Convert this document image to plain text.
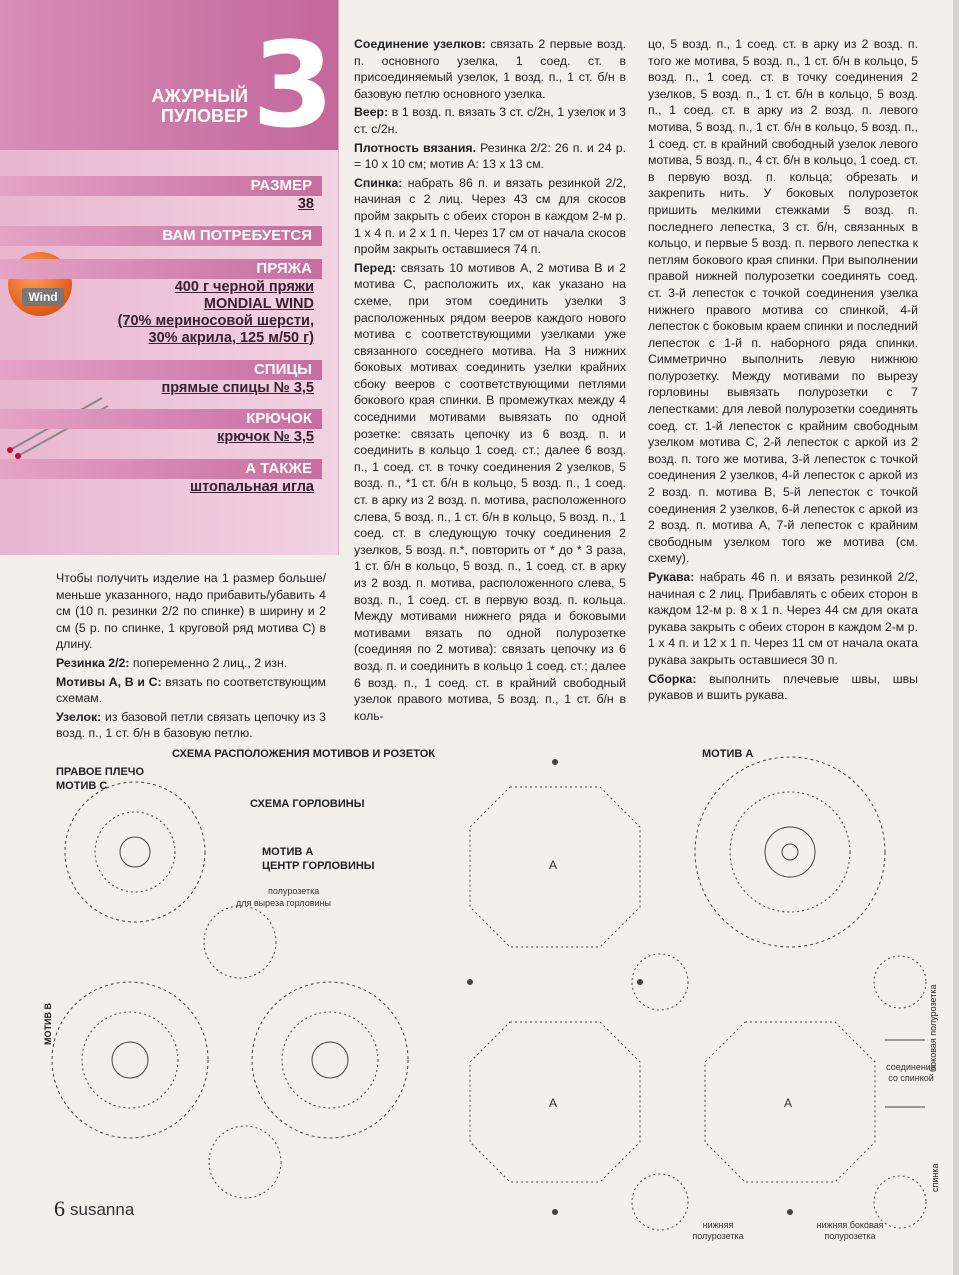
АЖУРНЫЙ
ПУЛОВЕР 3
РАЗМЕР
38
ВАМ ПОТРЕБУЕТСЯ
Wind
ПРЯЖА
400 г черной пряжи
MONDIAL WIND
(70% мериносовой шерсти,
30% акрила, 125 м/50 г)
СПИЦЫ
прямые спицы № 3,5
КРЮЧОК
крючок № 3,5
А ТАКЖЕ
штопальная игла

Чтобы получить изделие на 1 размер больше/меньше указанного, надо прибавить/убавить 4 см (10 п. резинки 2/2 по спинке) в ширину и 2 см (5 р. по спинке, 1 круговой ряд мотива С) в длину.

Резинка 2/2: попеременно 2 лиц., 2 изн.

Мотивы А, В и С: вязать по соответствующим схемам.

Узелок: из базовой петли связать цепочку из 3 возд. п., 1 ст. б/н в базовую петлю.

Соединение узелков: связать 2 первые возд. п. основного узелка, 1 соед. ст. в присоединяемый узелок, 1 возд. п., 1 ст. б/н в базовую петлю основного узелка.

Веер: в 1 возд. п. вязать 3 ст. с/2н, 1 узелок и 3 ст. с/2н.

Плотность вязания. Резинка 2/2: 26 п. и 24 р. = 10 х 10 см; мотив А: 13 х 13 см.

Спинка: набрать 86 п. и вязать резинкой 2/2, начиная с 2 лиц. Через 43 см для скосов пройм закрыть с обеих сторон в каждом 2-м р. 1 х 4 п. и 2 х 1 п. Через 17 см от начала скосов пройм закрыть оставшиеся 74 п.

Перед: связать 10 мотивов А, 2 мотива В и 2 мотива С, расположить их, как указано на схеме, при этом соединить узелки 3 расположенных рядом вееров каждого нового мотива с соответствующими узелками уже связанного соседнего мотива. На 3 нижних боковых мотивах соединить узелки крайних сбоку вееров с соответствующими петлями бокового края спинки. В промежутках между 4 соседними мотивами вывязать по одной розетке: связать цепочку из 6 возд. п. и соединить в кольцо 1 соед. ст.; далее 6 возд. п., 1 соед. ст. в точку соединения 2 узелков, 5 возд. п., *1 ст. б/н в кольцо, 5 возд. п., 1 соед. ст. в арку из 2 возд. п. мотива, расположенного слева, 5 возд. п., 1 ст. б/н в кольцо, 5 возд. п., 1 соед. ст. в следующую точку соединения 2 узелков, 5 возд. п.*, повторить от * до * 3 раза, 1 ст. б/н в кольцо, 5 возд. п., 1 соед. ст. в арку из 2 возд. п. мотива, расположенного слева, 5 возд. п., 1 соед. ст. в первую возд. п. кольца. Между мотивами нижнего ряда и боковыми мотивами вязать по одной полурозетке (соединяя по 2 мотива): связать цепочку из 6 возд. п. и соединить в кольцо 1 соед. ст.; далее 6 возд. п., 1 соед. ст. в крайний свободный узелок правого мотива, 5 возд. п., 1 ст. б/н в коль-

цо, 5 возд. п., 1 соед. ст. в арку из 2 возд. п. того же мотива, 5 возд. п., 1 ст. б/н в кольцо, 5 возд. п., 1 соед. ст. в точку соединения 2 узелков, 5 возд. п., 1 ст. б/н в кольцо, 5 возд. п., 1 соед. ст. в арку из 2 возд. п. левого мотива, 5 возд. п., 1 ст. б/н в кольцо, 5 возд. п., 1 соед. ст. в крайний свободный узелок левого мотива, 5 возд. п., 4 ст. б/н в кольцо, 1 соед. ст. в первую возд. п. кольца; обрезать и закрепить нить. У боковых полурозеток пришить мелкими стежками 5 возд. п. последнего лепестка, 3 ст. б/н, связанных в кольцо, и первые 5 возд. п. первого лепестка к петлям бокового края спинки. При выполнении правой нижней полурозетки соединять соед. ст. 3-й лепесток с точкой соединения узелка нижнего правого мотива со спинкой, 4-й лепесток с боковым краем спинки и последний лепесток с 1-й п. наборного ряда спинки. Симметрично выполнить левую нижнюю полурозетку. Между мотивами по вырезу горловины вывязать полурозетки с 7 лепестками: для левой полурозетки соединять соед. ст. 1-й лепесток с крайним свободным узелком мотива С, 2-й лепесток с аркой из 2 возд. п. того же мотива, 3-й лепесток с точкой соединения 2 узелков, 4-й лепесток с аркой из 2 возд. п. мотива В, 5-й лепесток с точкой соединения 2 узелков, 6-й лепесток с аркой из 2 возд. п. мотива А, 7-й лепесток с крайним свободным узелком того же мотива (см. схему).

Рукава: набрать 46 п. и вязать резинкой 2/2, начиная с 2 лиц. Прибавлять с обеих сторон в каждом 12-м р. 8 х 1 п. Через 44 см для оката рукава закрыть с обеих сторон в каждом 2-м р. 1 х 4 п. и 12 х 1 п. Через 11 см от начала оката рукава закрыть оставшиеся 30 п.

Сборка: выполнить плечевые швы, швы рукавов и вшить рукава.

СХЕМА РАСПОЛОЖЕНИЯ МОТИВОВ И РОЗЕТОК
ПРАВОЕ ПЛЕЧО
МОТИВ С
СХЕМА ГОРЛОВИНЫ
МОТИВ А
ЦЕНТР ГОРЛОВИНЫ
полурозетка
для выреза горловины
МОТИВ В
МОТИВ А
А
А	А
боковая полурозетка
соединение со спинкой
спинка
нижняя полурозетка
нижняя боковая полурозетка
6 susanna
